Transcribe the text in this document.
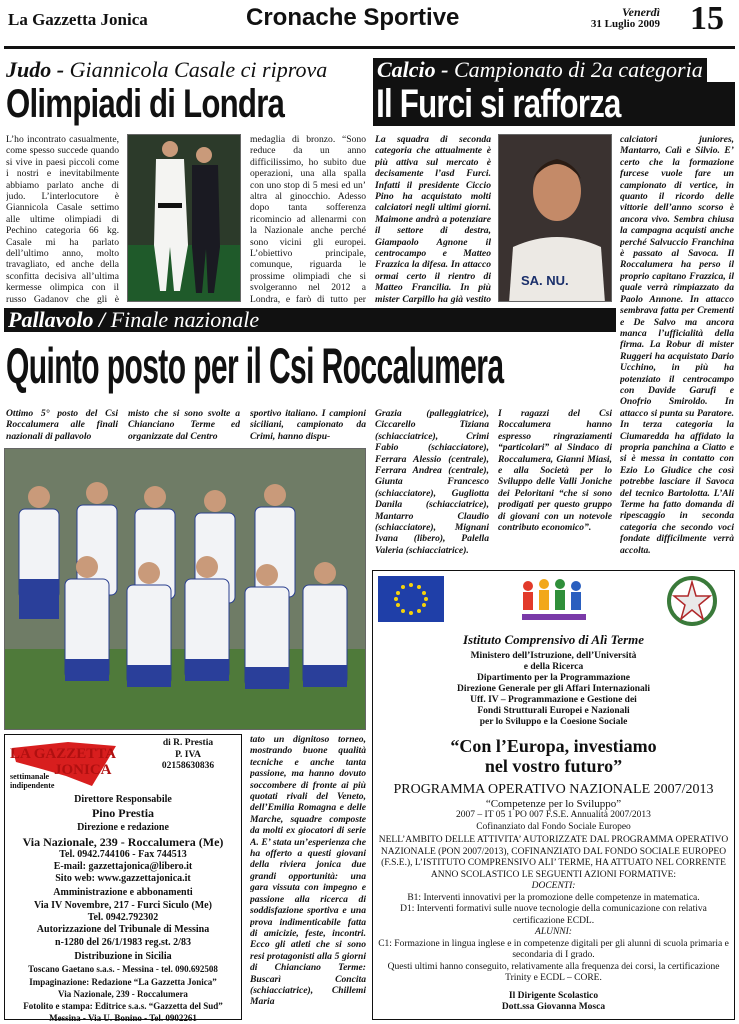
La Gazzetta Jonica	Cronache Sportive	Venerdì
31 Luglio 2009 15
Judo - Giannicola Casale ci riprova
Olimpiadi di Londra
L’ho incontrato casualmente, come spesso succede quando si vive in paesi piccoli come i nostri e inevitabilmente abbiamo parlato anche di judo. L’interlocutore è Giannicola Casale settimo alle ultime olimpiadi di Pechino categoria 66 kg. Casale mi ha parlato dell’ultimo anno, molto travagliato, ed anche della sconfitta decisiva all’ultima kermesse olimpica con il russo Gadanov che gli è
medaglia di bronzo. “Sono reduce da un anno difficilissimo, ho subito due operazioni, una alla spalla con uno stop di 5 mesi ed un’ altra al ginocchio. Adesso dopo tanta sofferenza ricomincio ad allenarmi con la Nazionale anche perché sono vicini gli europei. L’obiettivo principale, comunque, riguarda le prossime olimpiadi che si svolgeranno nel 2012 a Londra, e farò di tutto per
Calcio - Campionato di 2a categoria
Il Furci si rafforza
La squadra di seconda categoria che attualmente è più attiva sul mercato è decisamente l’asd Furci. Infatti il presidente Ciccio Pino ha acquistato molti calciatori negli ultimi giorni. Maimone andrà a potenziare il settore di destra, Giampaolo Agnone il centrocampo e Matteo Frazzica la difesa. In attacco ormai certo il rientro di Matteo Francilia. In più mister Carpillo ha già vestito
SA. NU.
calciatori juniores, Mantarro, Calì e Silvio. E’ certo che la formazione furcese vuole fare un campionato di vertice, in quanto il ricordo delle vittorie dell’anno scorso è ancora vivo. Sembra chiusa la campagna acquisti anche perché Salvuccio Franchina è passato al Savoca. Il Roccalumera ha perso il proprio capitano Frazzica, il quale verrà rimpiazzato da Paolo Annone. In attacco sembrava fatta per Crementi e De Salvo ma ancora manca l’ufficialità della firma. La Robur di mister Ruggeri ha acquistato Dario Ucchino, in più ha potenziato il centrocampo con Davide Garufi e Onofrio Smiroldo. In attacco si punta su Paratore. In terza categoria la Ciumaredda ha affidato la propria panchina a Ciatto e si è messa in contatto con Ezio Lo Giudice che così potrebbe lasciare il Savoca del tecnico Bartolotta. L’Ali Terme ha fatto domanda di ripescaggio in seconda categoria che secondo voci fondate difficilmente verrà accolta.
Pallavolo / Finale nazionale
Quinto posto per il Csi Roccalumera
Ottimo 5° posto del Csi Roccalumera alle finali nazionali di pallavolo
misto che si sono svolte a Chianciano Terme ed organizzate dal Centro
sportivo italiano. I campioni siciliani, campionato da Crimi, hanno dispu-
Grazia (palleggiatrice), Ciccarello Tiziana (schiacciatrice), Crimi Fabio (schiacciatore), Ferrara Alessio (centrale), Ferrara Andrea (centrale), Giunta Francesco (schiacciatore), Gugliotta Danila (schiacciatrice), Mantarro Claudio (schiacciatore), Mignani Ivana (libero), Palella Valeria (schiacciatrice).
I ragazzi del Csi Roccalumera hanno espresso ringraziamenti “particolari” al Sindaco di Roccalumera, Gianni Miasi, e alla Società per lo Sviluppo delle Valli Joniche dei Peloritani “che si sono prodigati per questo gruppo di giovani con un notevole contributo economico”.
tato un dignitoso torneo, mostrando buone qualità tecniche e anche tanta passione, ma hanno dovuto soccombere di fronte ai più quotati rivali del Veneto, dell’Emilia Romagna e delle Marche, squadre composte da molti ex giocatori di serie A. E’ stata un’esperienza che ha offerto a questi giovani della riviera jonica due grandi opportunità: una gara vissuta con impegno e passione alla ricerca di soddisfazione sportiva e una prova indimenticabile fatta di amicizie, feste, incontri. Ecco gli atleti che si sono resi protagonisti alla 5 giorni di Chianciano Terme: Buscarì Concita (schiacciatrice), Chillemi Maria
LA GAZZETTA
JONICA
settimanale
indipendente
di R. Prestia
P. IVA
02158630836
Direttore Responsabile
Pino Prestia
Direzione e redazione
Via Nazionale, 239 - Roccalumera (Me)
Tel. 0942.744106 - Fax 744513
E-mail: gazzettajonica@libero.it
Sito web: www.gazzettajonica.it
Amministrazione e abbonamenti
Via IV Novembre, 217 - Furci Siculo (Me)
Tel. 0942.792302
Autorizzazione del Tribunale di Messina
n-1280 del 26/1/1983 reg.st. 2/83
Distribuzione in Sicilia
Toscano Gaetano s.a.s. - Messina - tel. 090.692508
Impaginazione: Redazione “La Gazzetta Jonica”
Via Nazionale, 239 - Roccalumera
Fotolito e stampa: Editrice s.a.s. “Gazzetta del Sud”
Messina - Via U. Bonino - Tel. 0902261
Istituto Comprensivo di Alì Terme
Ministero dell’Istruzione, dell’Università
e della Ricerca
Dipartimento per la Programmazione
Direzione Generale per gli Affari Internazionali
Uff. IV – Programmazione e Gestione dei
Fondi Strutturali Europei e Nazionali
per lo Sviluppo e la Coesione Sociale
“Con l’Europa, investiamo
nel vostro futuro”
PROGRAMMA OPERATIVO NAZIONALE 2007/2013
“Competenze per lo Sviluppo”
2007 – IT 05 1 PO 007 F.S.E. Annualità 2007/2013
Cofinanziato dal Fondo Sociale Europeo
NELL’AMBITO DELLE ATTIVITA’ AUTORIZZATE DAL PROGRAMMA OPERATIVO NAZIONALE (PON 2007/2013), COFINANZIATO DAL FONDO SOCIALE EUROPEO (F.S.E.), L’ISTITUTO COMPRENSIVO ALI’ TERME, HA ATTUATO NEL CORRENTE ANNO SCOLASTICO LE SEGUENTI AZIONI FORMATIVE:
DOCENTI:
B1: Interventi innovativi per la promozione delle competenze in matematica.
D1: Interventi formativi sulle nuove tecnologie della comunicazione con relativa certificazione ECDL.
ALUNNI:
C1: Formazione in lingua inglese e in competenze digitali per gli alunni di scuola primaria e secondaria di I grado.
Questi ultimi hanno conseguito, relativamente alla frequenza dei corsi, la certificazione Trinity e ECDL – CORE.
Il Dirigente Scolastico
Dott.ssa Giovanna Mosca
